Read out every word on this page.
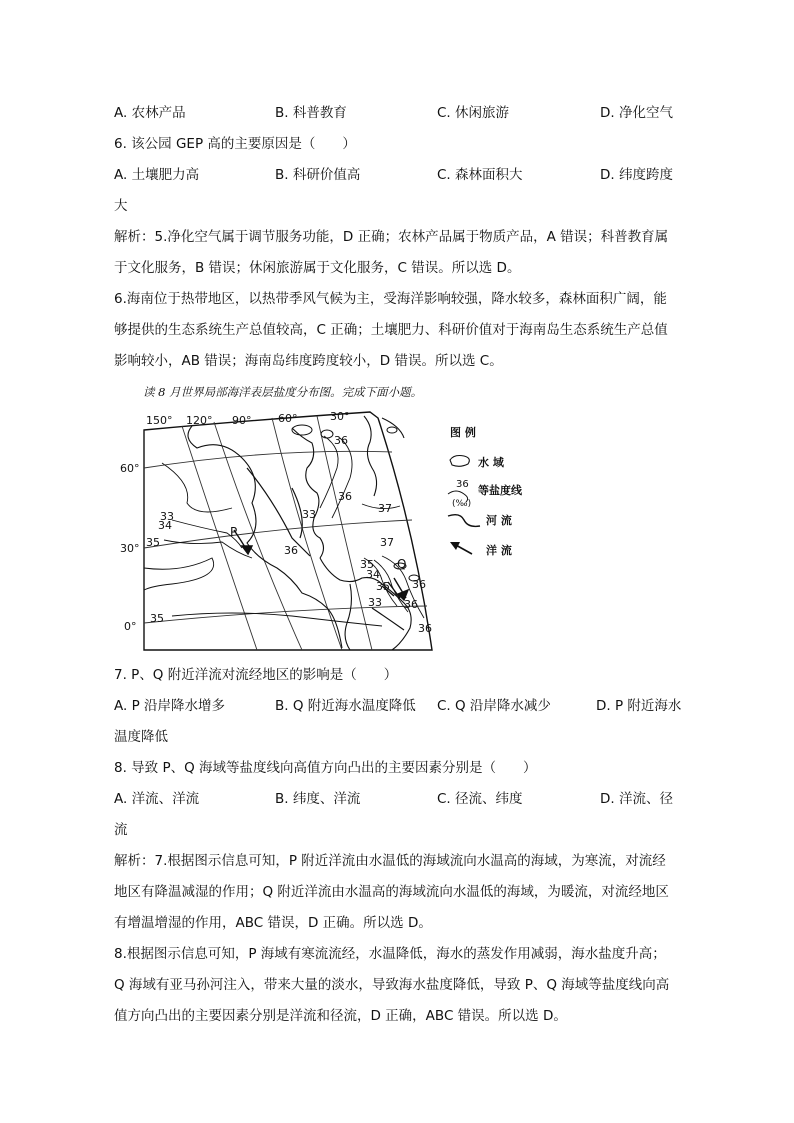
A. 农林产品	B. 科普教育	C. 休闲旅游	D. 净化空气
6. 该公园 GEP 高的主要原因是（　　）
A. 土壤肥力高	B. 科研价值高	C. 森林面积大	D. 纬度跨度
大
解析：5.净化空气属于调节服务功能，D 正确；农林产品属于物质产品，A 错误；科普教育属
于文化服务，B 错误；休闲旅游属于文化服务，C 错误。所以选 D。
6.海南位于热带地区，以热带季风气候为主，受海洋影响较强，降水较多，森林面积广阔，能
够提供的生态系统生产总值较高，C 正确；土壤肥力、科研价值对于海南岛生态系统生产总值
影响较小，AB 错误；海南岛纬度跨度较小，D 错误。所以选 C。
读 8 月世界局部海洋表层盐度分布图。完成下面小题。
150° 120° 90° 60°	30°
60°
30°
0°
33
34
35
35
36
33	37
36
35
36
33
34
37
36
35
36
36
P
Q
图 例
水 域
36
(‰)
等盐度线
河 流
洋 流
7. P、Q 附近洋流对流经地区的影响是（　　）
A. P 沿岸降水增多	B. Q 附近海水温度降低 C. Q 沿岸降水减少	D. P 附近海水
温度降低
8. 导致 P、Q 海域等盐度线向高值方向凸出的主要因素分别是（　　）
A. 洋流、洋流	B. 纬度、洋流	C. 径流、纬度	D. 洋流、径
流
解析：7.根据图示信息可知，P 附近洋流由水温低的海域流向水温高的海域，为寒流，对流经
地区有降温减湿的作用；Q 附近洋流由水温高的海域流向水温低的海域，为暖流，对流经地区
有增温增湿的作用，ABC 错误，D 正确。所以选 D。
8.根据图示信息可知，P 海域有寒流流经，水温降低，海水的蒸发作用减弱，海水盐度升高；
Q 海域有亚马孙河注入，带来大量的淡水，导致海水盐度降低，导致 P、Q 海域等盐度线向高
值方向凸出的主要因素分别是洋流和径流，D 正确，ABC 错误。所以选 D。
